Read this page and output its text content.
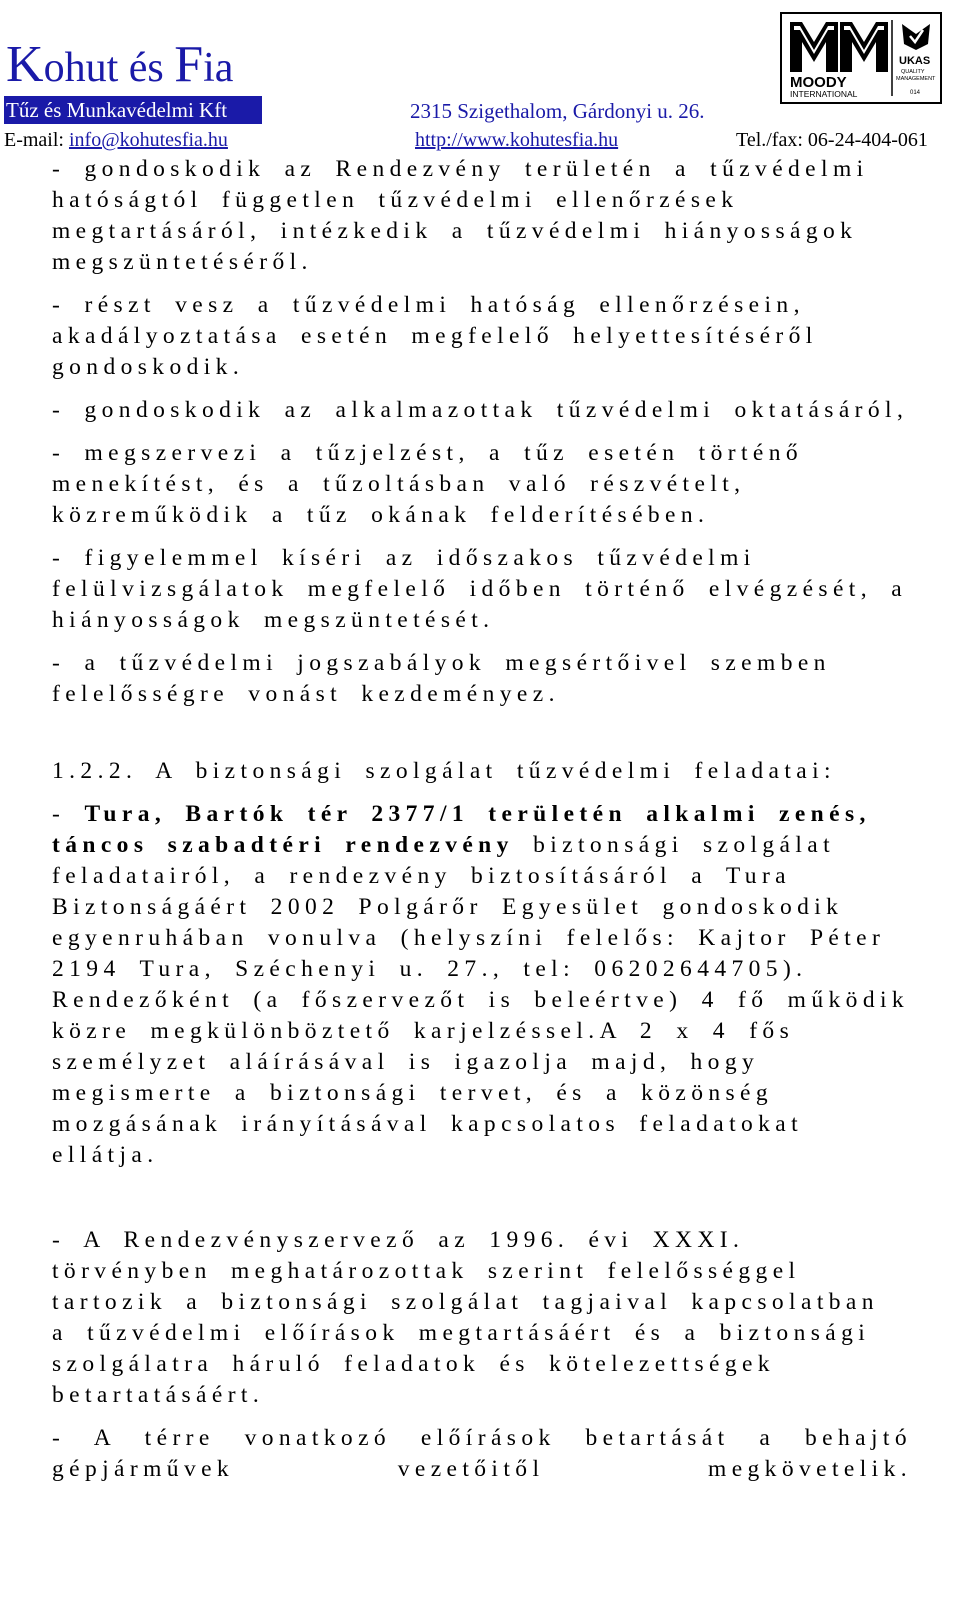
Kohut és Fia
Tűz és Munkavédelmi Kft	2315 Szigethalom, Gárdonyi u. 26.
E-mail: info@kohutesfia.hu	http://www.kohutesfia.hu	Tel./fax: 06-24-404-061
MOODY
INTERNATIONAL
UKAS
QUALITY
MANAGEMENT
014

- gondoskodik az Rendezvény területén a tűzvédelmi hatóságtól független tűzvédelmi ellenőrzések megtartásáról, intézkedik a tűzvédelmi hiányosságok megszüntetéséről.

- részt vesz a tűzvédelmi hatóság ellenőrzésein, akadályoztatása esetén megfelelő helyettesítéséről gondoskodik.

- gondoskodik az alkalmazottak tűzvédelmi oktatásáról,

- megszervezi a tűzjelzést, a tűz esetén történő menekítést, és a tűzoltásban való részvételt, közreműködik a tűz okának felderítésében.

- figyelemmel kíséri az időszakos tűzvédelmi felülvizsgálatok megfelelő időben történő elvégzését, a hiányosságok megszüntetését.

- a tűzvédelmi jogszabályok megsértőivel szemben felelősségre vonást kezdeményez.

1.2.2. A biztonsági szolgálat tűzvédelmi feladatai:

- Tura, Bartók tér 2377/1 területén alkalmi zenés, táncos szabadtéri rendezvény biztonsági szolgálat feladatairól, a rendezvény biztosításáról a Tura Biztonságáért 2002 Polgárőr Egyesület gondoskodik egyenruhában vonulva (helyszíni felelős: Kajtor Péter 2194 Tura, Széchenyi u. 27., tel: 06202644705). Rendezőként (a főszervezőt is beleértve) 4 fő működik közre megkülönböztető karjelzéssel.A 2 x 4 fős személyzet aláírásával is igazolja majd, hogy megismerte a biztonsági tervet, és a közönség mozgásának irányításával kapcsolatos feladatokat ellátja.

- A Rendezvényszervező az 1996. évi XXXI. törvényben meghatározottak szerint felelősséggel tartozik a biztonsági szolgálat tagjaival kapcsolatban a tűzvédelmi előírások megtartásáért és a biztonsági szolgálatra háruló feladatok és kötelezettségek betartatásáért.

- A térre vonatkozó előírások betartását a behajtó gépjárművek vezetőitől megkövetelik.
